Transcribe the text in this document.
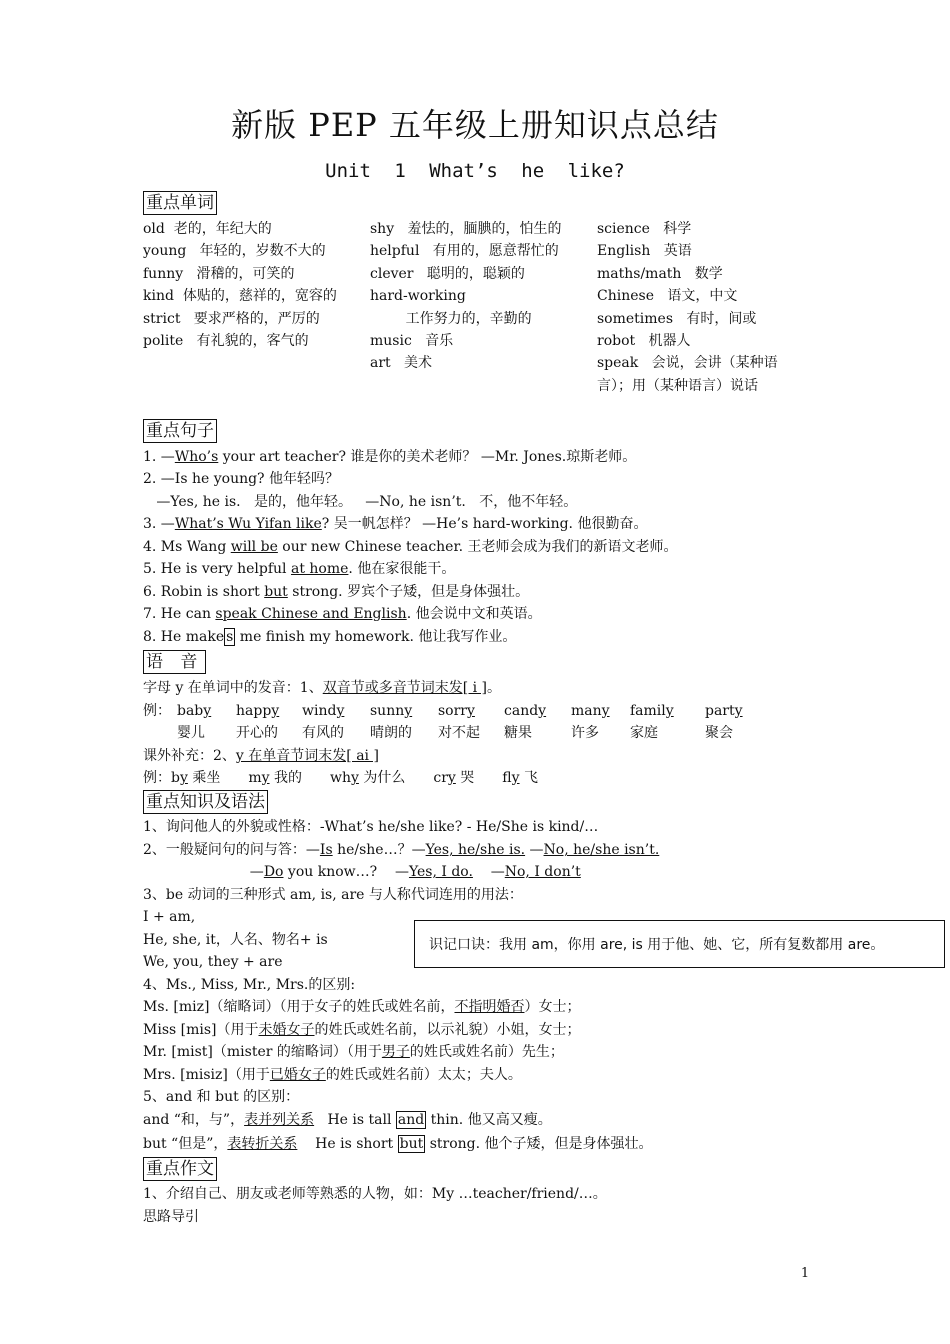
新版 PEP 五年级上册知识点总结
Unit 1 What’s he like?
重点单词
old  老的，年纪大的
young   年轻的，岁数不大的
funny   滑稽的，可笑的
kind  体贴的，慈祥的，宽容的
strict   要求严格的，严厉的
polite   有礼貌的，客气的
shy   羞怯的，腼腆的，怕生的
helpful   有用的，愿意帮忙的
clever   聪明的，聪颖的
hard-working
工作努力的，辛勤的
music   音乐
art   美术
science   科学
English   英语
maths/math   数学
Chinese   语文，中文
sometimes   有时，间或
robot   机器人
speak   会说，会讲（某种语言）；用（某种语言）说话
重点句子
1. —Who’s your art teacher? 谁是你的美术老师？ —Mr. Jones.琼斯老师。
2. —Is he young? 他年轻吗？
—Yes, he is.   是的，他年轻。   —No, he isn’t.   不，他不年轻。
3. —What’s Wu Yifan like? 吴一帆怎样？ —He’s hard-working. 他很勤奋。
4. Ms Wang will be our new Chinese teacher. 王老师会成为我们的新语文老师。
5. He is very helpful at home. 他在家很能干。
6. Robin is short but strong. 罗宾个子矮，但是身体强壮。
7. He can speak Chinese and English. 他会说中文和英语。
8. He make s me finish my homework. 他让我写作业。
语 音
字母 y 在单词中的发音：1、双音节或多音节词末发[ i ]。
例： baby
婴儿
happy
开心的
windy
有风的
sunny
晴朗的
sorry
对不起
candy
糖果
many
许多
family
家庭
party
聚会
课外补充：2、y 在单音节词末发[ ai ]
例：by 乘坐 my 我的 why 为什么 cry 哭 fly 飞
重点知识及语法
1、询问他人的外貌或性格：-What’s he/she like? - He/She is kind/…
2、一般疑问句的问与答：—Is he/she…？—Yes, he/she is. —No, he/she isn’t.
—Do you know…?    —Yes, I do.    —No, I don’t
3、be 动词的三种形式 am, is, are 与人称代词连用的用法：
I + am,
He, she, it，人名、物名+ is
We, you, they + are
识记口诀：我用 am，你用 are, is 用于他、她、它，所有复数都用 are。
4、Ms., Miss, Mr., Mrs.的区别:
Ms. [miz]（缩略词）（用于女子的姓氏或姓名前，不指明婚否）女士；
Miss [mis]（用于未婚女子的姓氏或姓名前，以示礼貌）小姐，女士；
Mr. [mist]（mister 的缩略词）（用于男子的姓氏或姓名前）先生；
Mrs. [misiz]（用于已婚女子的姓氏或姓名前）太太；夫人。
5、and 和 but 的区别：
and “和，与”，表并列关系   He is tall and thin. 他又高又瘦。
but “但是”，表转折关系    He is short but strong. 他个子矮，但是身体强壮。
重点作文
1、介绍自己、朋友或老师等熟悉的人物，如：My …teacher/friend/…。
思路导引
1
